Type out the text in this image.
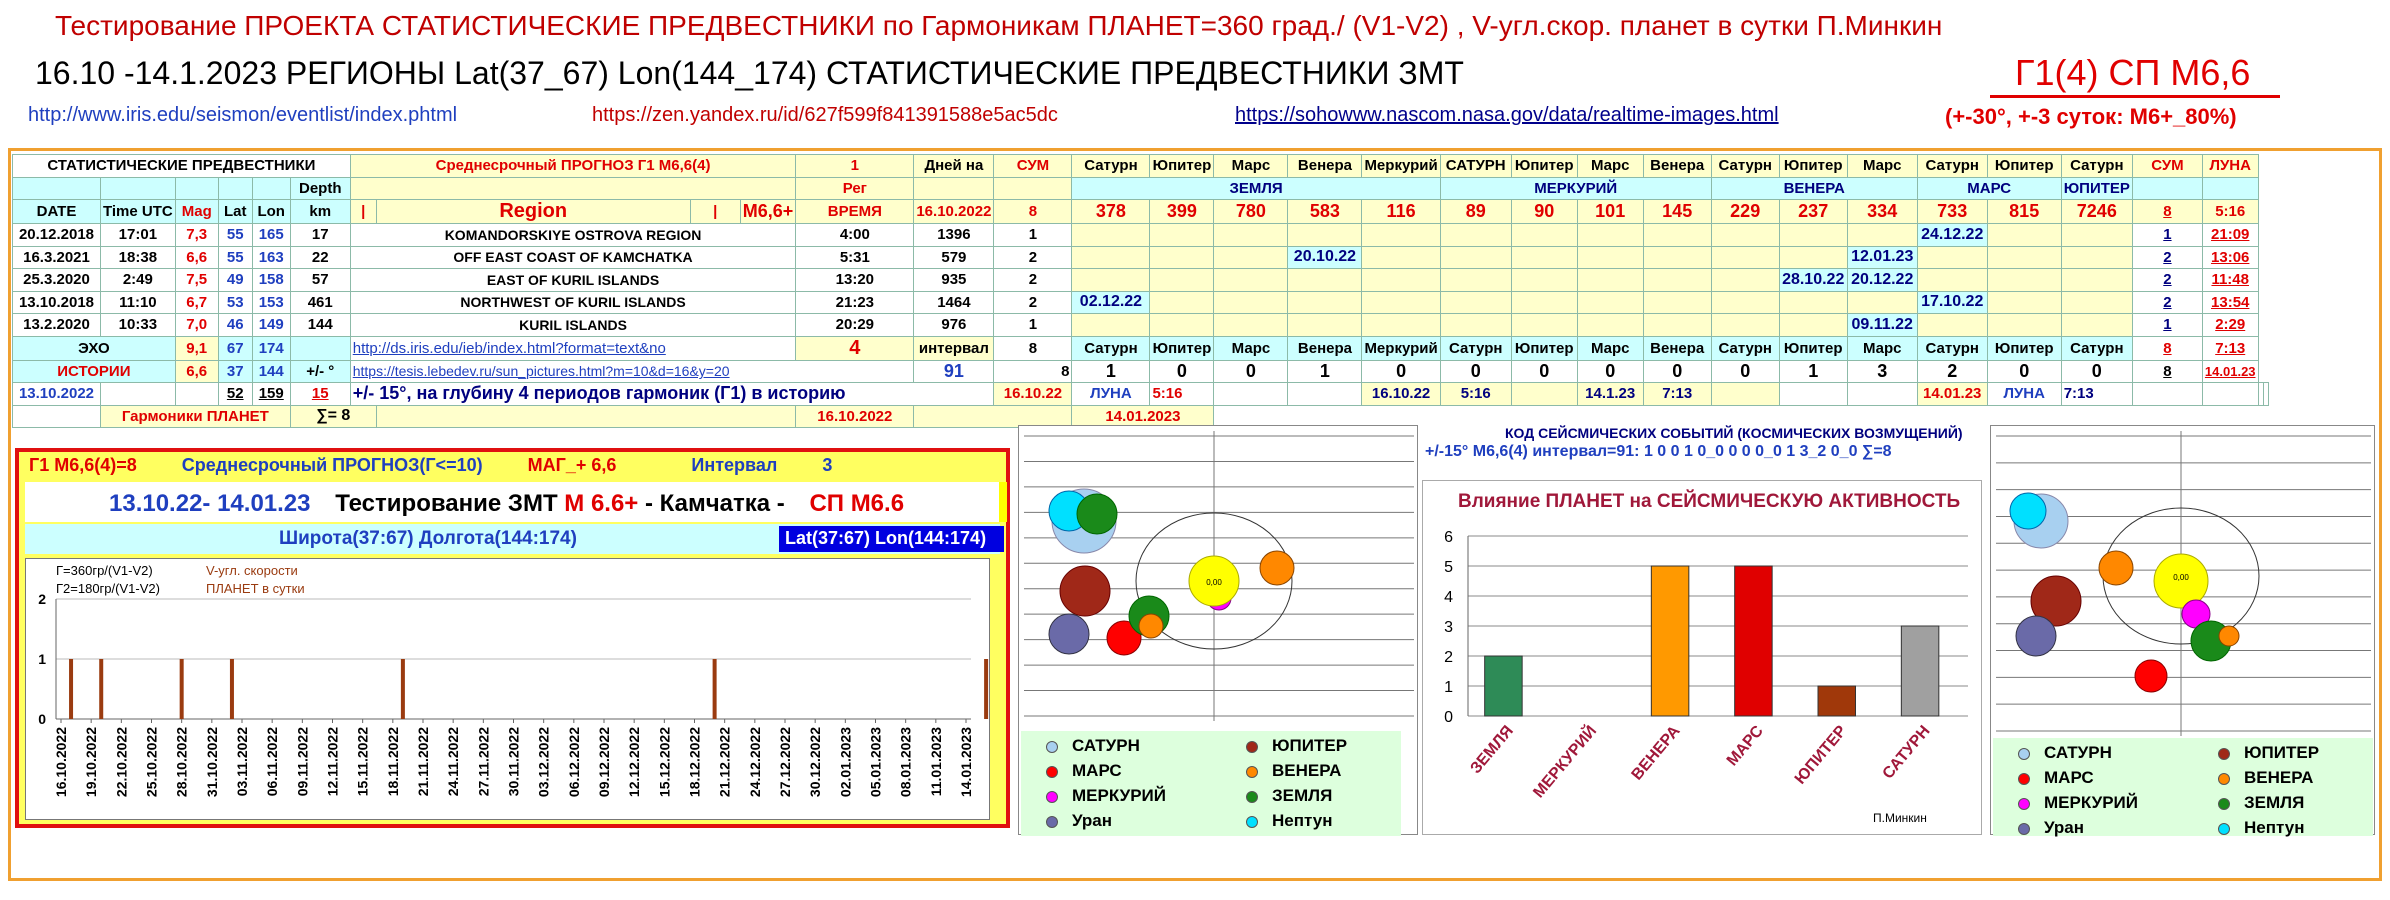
Тестирование ПРОЕКТА СТАТИСТИЧЕСКИЕ ПРЕДВЕСТНИКИ по Гармоникам ПЛАНЕТ=360 град./ (V1-V2) , V-угл.скор. планет в сутки П.Минкин
16.10 -14.1.2023 РЕГИОНЫ Lat(37_67) Lon(144_174) СТАТИСТИЧЕСКИЕ ПРЕДВЕСТНИКИ ЗМТ	Г1(4) СП М6,6
http://www.iris.edu/seismon/eventlist/index.phtml	https://zen.yandex.ru/id/627f599f841391588e5ac5dc	https://sohowww.nascom.nasa.gov/data/realtime-images.html	(+-30°, +-3 суток: М6+_80%)
СТАТИСТИЧЕСКИЕ ПРЕДВЕСТНИКИ						Среднесрочный ПРОГНОЗ Г1 М6,6(4)				1	Дней на	СУМ	Сатурн	Юпитер	Марс	Венера	Меркурий	САТУРН	Юпитер	Марс	Венера	Сатурн	Юпитер	Марс	Сатурн	Юпитер	Сатурн	СУМ	ЛУНА		
					Depth					Рег			ЗЕМЛЯ					МЕРКУРИЙ				ВЕНЕРА			МАРС		ЮПИТЕР				
DATE	Time UTC	Mag	Lat	Lon	km	|	Region	|	М6,6+	ВРЕМЯ	16.10.2022	8	378	399	780	583	116	89	90	101	145	229	237	334	733	815	7246	8	5:16		
20.12.2018	17:01	7,3	55	165	17	KOMANDORSKIYE OSTROVA REGION				4:00	1396	1													24.12.22			1	21:09		
16.3.2021	18:38	6,6	55	163	22	OFF EAST COAST OF KAMCHATKA				5:31	579	2				20.10.22								12.01.23				2	13:06		
25.3.2020	2:49	7,5	49	158	57	EAST OF KURIL ISLANDS				13:20	935	2											28.10.22	20.12.22				2	11:48		
13.10.2018	11:10	6,7	53	153	461	NORTHWEST OF KURIL ISLANDS				21:23	1464	2	02.12.22												17.10.22			2	13:54		
13.2.2020	10:33	7,0	46	149	144	KURIL ISLANDS				20:29	976	1												09.11.22				1	2:29		
ЭХО		9,1	67	174		http://ds.iris.edu/ieb/index.html?format=text&no				4	интервал	8	Сатурн	Юпитер	Марс	Венера	Меркурий	Сатурн	Юпитер	Марс	Венера	Сатурн	Юпитер	Марс	Сатурн	Юпитер	Сатурн	8	7:13		
ИСТОРИИ		6,6	37	144	+/- °	https://tesis.lebedev.ru/sun_pictures.html?m=10&d=16&y=20					91	8	1	0	0	1	0	0	0	0	0	0	1	3	2	0	0	8	14.01.23		
13.10.2022			52	159	15	+/- 15°, на глубину 4 периодов гармоник (Г1) в историю						16.10.22	ЛУНА	5:16			16.10.22	5:16		14.1.23	7:13				14.01.23	ЛУНА	7:13				
	Гармоники ПЛАНЕТ				∑= 8					16.10.2022			14.01.2023																		
Г1 М6,6(4)=8	Среднесрочный ПРОГНОЗ(Г<=10)	МАГ_+ 6,6	Интервал	3
13.10.22- 14.01.23 Тестирование ЗМТ М 6.6+ - Камчатка - СП М6.6
Широта(37:67) Долгота(144:174)	Lat(37:67) Lon(144:174)
Г=360гр/(V1-V2)
Г2=180гр/(V1-V2)
V-угл. скорости
ПЛАНЕТ в сутки
0
1
2
16.10.2022 19.10.2022 22.10.2022 25.10.2022 28.10.2022 31.10.2022 03.11.2022 06.11.2022 09.11.2022 12.11.2022 15.11.2022 18.11.2022 21.11.2022 24.11.2022 27.11.2022 30.11.2022 03.12.2022 06.12.2022 09.12.2022 12.12.2022 15.12.2022 18.12.2022 21.12.2022 24.12.2022 27.12.2022 30.12.2022 02.01.2023 05.01.2023 08.01.2023 11.01.2023 14.01.2023
0,00
САТУРН	ЮПИТЕР
МАРС	ВЕНЕРА
МЕРКУРИЙ	ЗЕМЛЯ
Уран	Нептун
КОД СЕЙСМИЧЕСКИХ СОБЫТИЙ (КОСМИЧЕСКИХ ВОЗМУЩЕНИЙ)
+/-15° М6,6(4) интервал=91: 1 0 0 1 0_0 0 0 0_0 1 3_2 0_0 ∑=8
Влияние ПЛАНЕТ на СЕЙСМИЧЕСКУЮ АКТИВНОСТЬ
0
1
2
3
4
5
6
ЗЕМЛЯ МЕРКУРИЙ ВЕНЕРА	МАРС ЮПИТЕР САТУРН
П.Минкин
0,00
САТУРН	ЮПИТЕР
МАРС	ВЕНЕРА
МЕРКУРИЙ	ЗЕМЛЯ
Уран	Нептун
